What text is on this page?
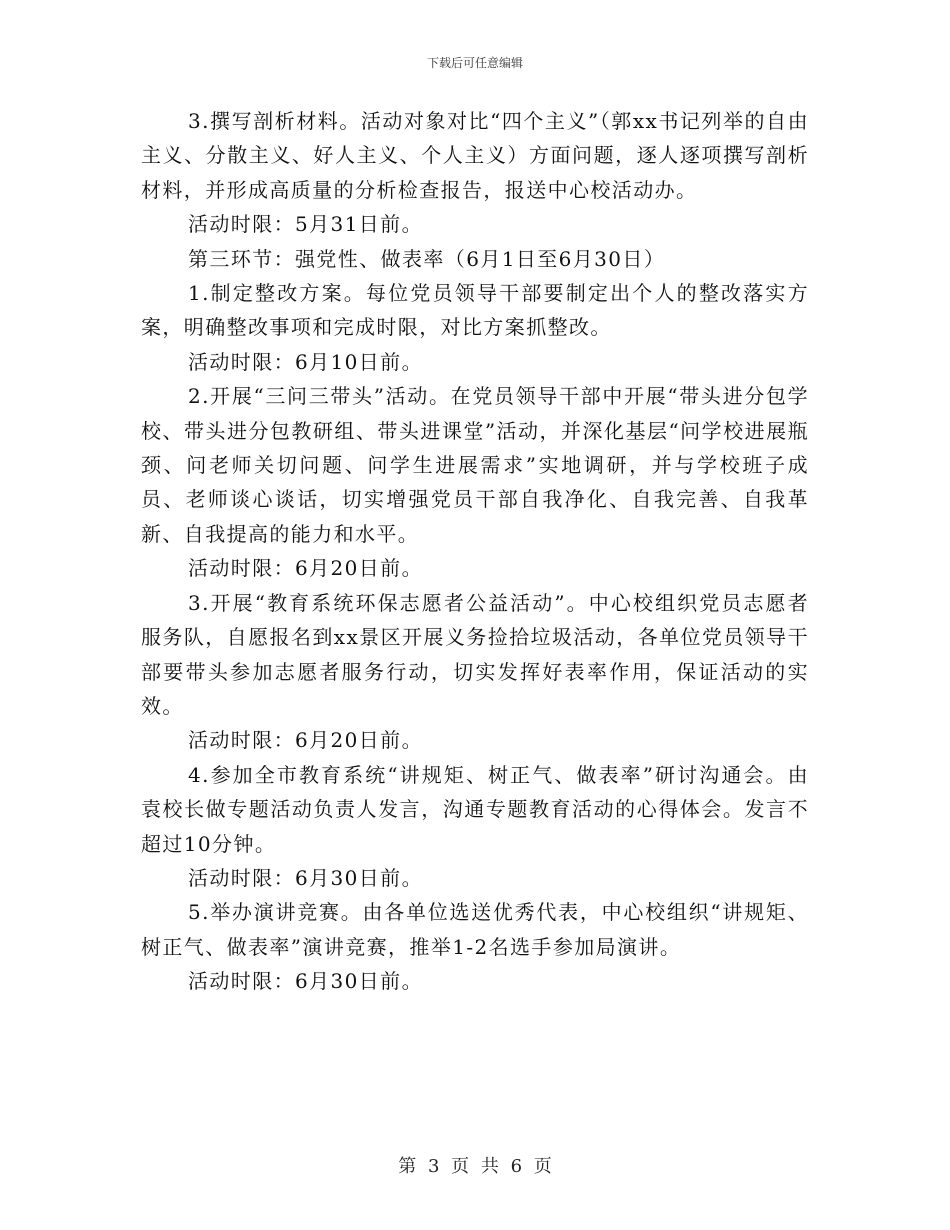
下载后可任意编辑

3.撰写剖析材料。活动对象对比“四个主义”（郭xx书记列举的自由主义、分散主义、好人主义、个人主义）方面问题，逐人逐项撰写剖析材料，并形成高质量的分析检查报告，报送中心校活动办。

活动时限：5月31日前。

第三环节：强党性、做表率（6月1日至6月30日）

1.制定整改方案。每位党员领导干部要制定出个人的整改落实方案，明确整改事项和完成时限，对比方案抓整改。

活动时限：6月10日前。

2.开展“三问三带头”活动。在党员领导干部中开展“带头进分包学校、带头进分包教研组、带头进课堂”活动，并深化基层“问学校进展瓶颈、问老师关切问题、问学生进展需求”实地调研，并与学校班子成员、老师谈心谈话，切实增强党员干部自我净化、自我完善、自我革新、自我提高的能力和水平。

活动时限：6月20日前。

3.开展“教育系统环保志愿者公益活动”。中心校组织党员志愿者服务队，自愿报名到xx景区开展义务捡拾垃圾活动，各单位党员领导干部要带头参加志愿者服务行动，切实发挥好表率作用，保证活动的实效。

活动时限：6月20日前。

4.参加全市教育系统“讲规矩、树正气、做表率”研讨沟通会。由袁校长做专题活动负责人发言，沟通专题教育活动的心得体会。发言不超过10分钟。

活动时限：6月30日前。

5.举办演讲竞赛。由各单位选送优秀代表，中心校组织“讲规矩、树正气、做表率”演讲竞赛，推举1-2名选手参加局演讲。

活动时限：6月30日前。

第 3 页 共 6 页
